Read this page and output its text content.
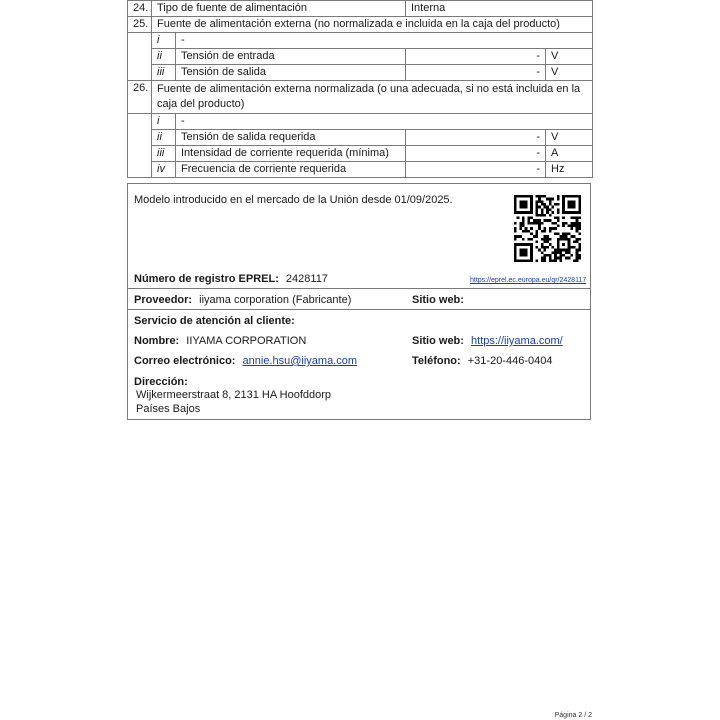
24.	Tipo de fuente de alimentación		Interna	
25.	Fuente de alimentación externa (no normalizada e incluida en la caja del producto)			
	i	-		
	ii	Tensión de entrada	-	V
	iii	Tensión de salida	-	V
26.	Fuente de alimentación externa normalizada (o una adecuada, si no está incluida en la caja del producto)			
	i	-		
	ii	Tensión de salida requerida	-	V
	iii	Intensidad de corriente requerida (mínima)	-	A
	iv	Frecuencia de corriente requerida	-	Hz
Modelo introducido en el mercado de la Unión desde 01/09/2025.
Número de registro EPREL: 2428117	https://eprel.ec.europa.eu/qr/2428117
Proveedor: iiyama corporation (Fabricante)	Sitio web:
Servicio de atención al cliente:
Nombre: IIYAMA CORPORATION	Sitio web: https://iiyama.com/
Correo electrónico: annie.hsu@iiyama.com	Teléfono: +31-20-446-0404
Dirección:
Wijkermeerstraat 8, 2131 HA Hoofddorp
Países Bajos
Página 2 / 2
